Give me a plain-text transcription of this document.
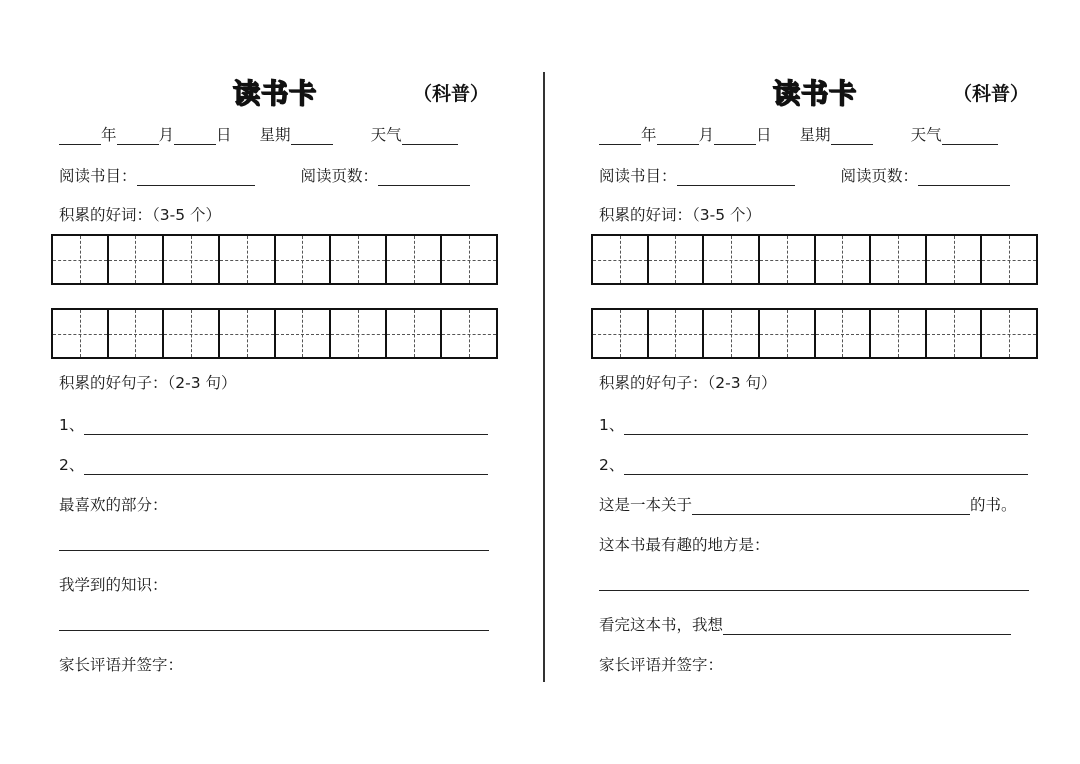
读书卡	（科普）
年	月	日 星期	天气
阅读书目：	阅读页数：
积累的好词：（3-5 个）
积累的好句子：（2-3 句）
1、
2、
最喜欢的部分：
我学到的知识：
家长评语并签字：
读书卡	（科普）
年	月	日 星期	天气
阅读书目：	阅读页数：
积累的好词：（3-5 个）
积累的好句子：（2-3 句）
1、
2、
这是一本关于	的书。
这本书最有趣的地方是：
看完这本书，我想
家长评语并签字：
